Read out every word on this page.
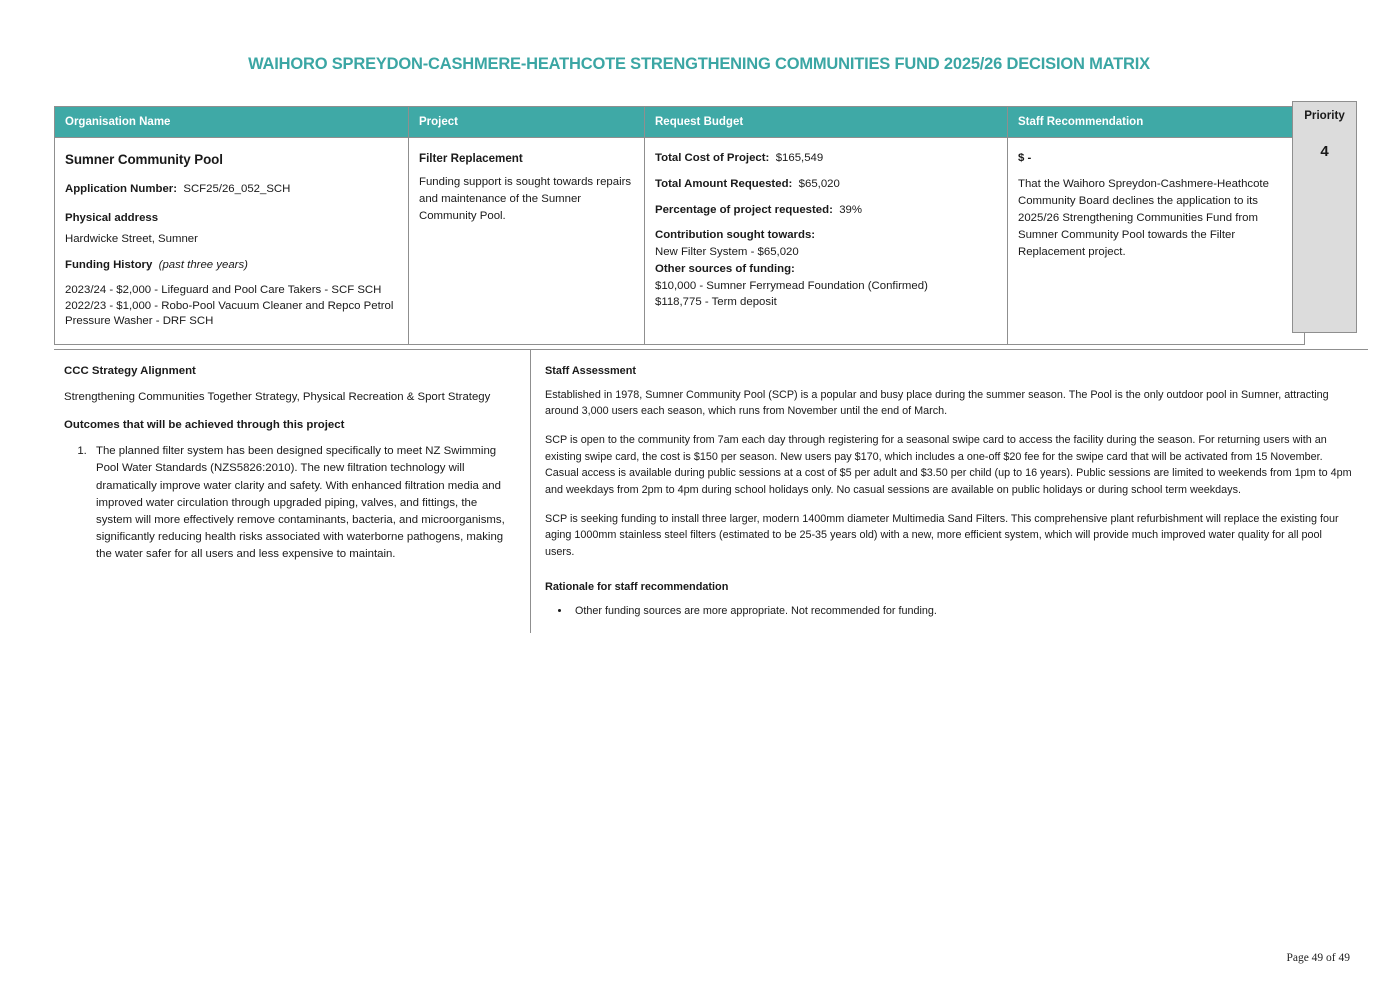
WAIHORO SPREYDON-CASHMERE-HEATHCOTE STRENGTHENING COMMUNITIES FUND 2025/26 DECISION MATRIX
Organisation Name	Project	Request Budget	Staff Recommendation

Sumner Community Pool
Application Number: SCF25/26_052_SCH
Physical address
Hardwicke Street, Sumner
Funding History (past three years)
2023/24 - $2,000 - Lifeguard and Pool Care Takers - SCF SCH
2022/23 - $1,000 - Robo-Pool Vacuum Cleaner and Repco Petrol Pressure Washer - DRF SCH

Filter Replacement
Funding support is sought towards repairs and maintenance of the Sumner Community Pool.

Total Cost of Project: $165,549
Total Amount Requested: $65,020
Percentage of project requested: 39%
Contribution sought towards:
New Filter System - $65,020
Other sources of funding:
$10,000 - Sumner Ferrymead Foundation (Confirmed)
$118,775 - Term deposit

$ -
That the Waihoro Spreydon-Cashmere-Heathcote Community Board declines the application to its 2025/26 Strengthening Communities Fund from Sumner Community Pool towards the Filter Replacement project.
Priority
4
CCC Strategy Alignment
Strengthening Communities Together Strategy, Physical Recreation & Sport Strategy
Outcomes that will be achieved through this project
1. The planned filter system has been designed specifically to meet NZ Swimming Pool Water Standards (NZS5826:2010). The new filtration technology will dramatically improve water clarity and safety. With enhanced filtration media and improved water circulation through upgraded piping, valves, and fittings, the system will more effectively remove contaminants, bacteria, and microorganisms, significantly reducing health risks associated with waterborne pathogens, making the water safer for all users and less expensive to maintain.
Staff Assessment
Established in 1978, Sumner Community Pool (SCP) is a popular and busy place during the summer season. The Pool is the only outdoor pool in Sumner, attracting around 3,000 users each season, which runs from November until the end of March.
SCP is open to the community from 7am each day through registering for a seasonal swipe card to access the facility during the season. For returning users with an existing swipe card, the cost is $150 per season. New users pay $170, which includes a one-off $20 fee for the swipe card that will be activated from 15 November. Casual access is available during public sessions at a cost of $5 per adult and $3.50 per child (up to 16 years). Public sessions are limited to weekends from 1pm to 4pm and weekdays from 2pm to 4pm during school holidays only. No casual sessions are available on public holidays or during school term weekdays.
SCP is seeking funding to install three larger, modern 1400mm diameter Multimedia Sand Filters. This comprehensive plant refurbishment will replace the existing four aging 1000mm stainless steel filters (estimated to be 25-35 years old) with a new, more efficient system, which will provide much improved water quality for all pool users.
Rationale for staff recommendation
• Other funding sources are more appropriate. Not recommended for funding.
Page 49 of 49
